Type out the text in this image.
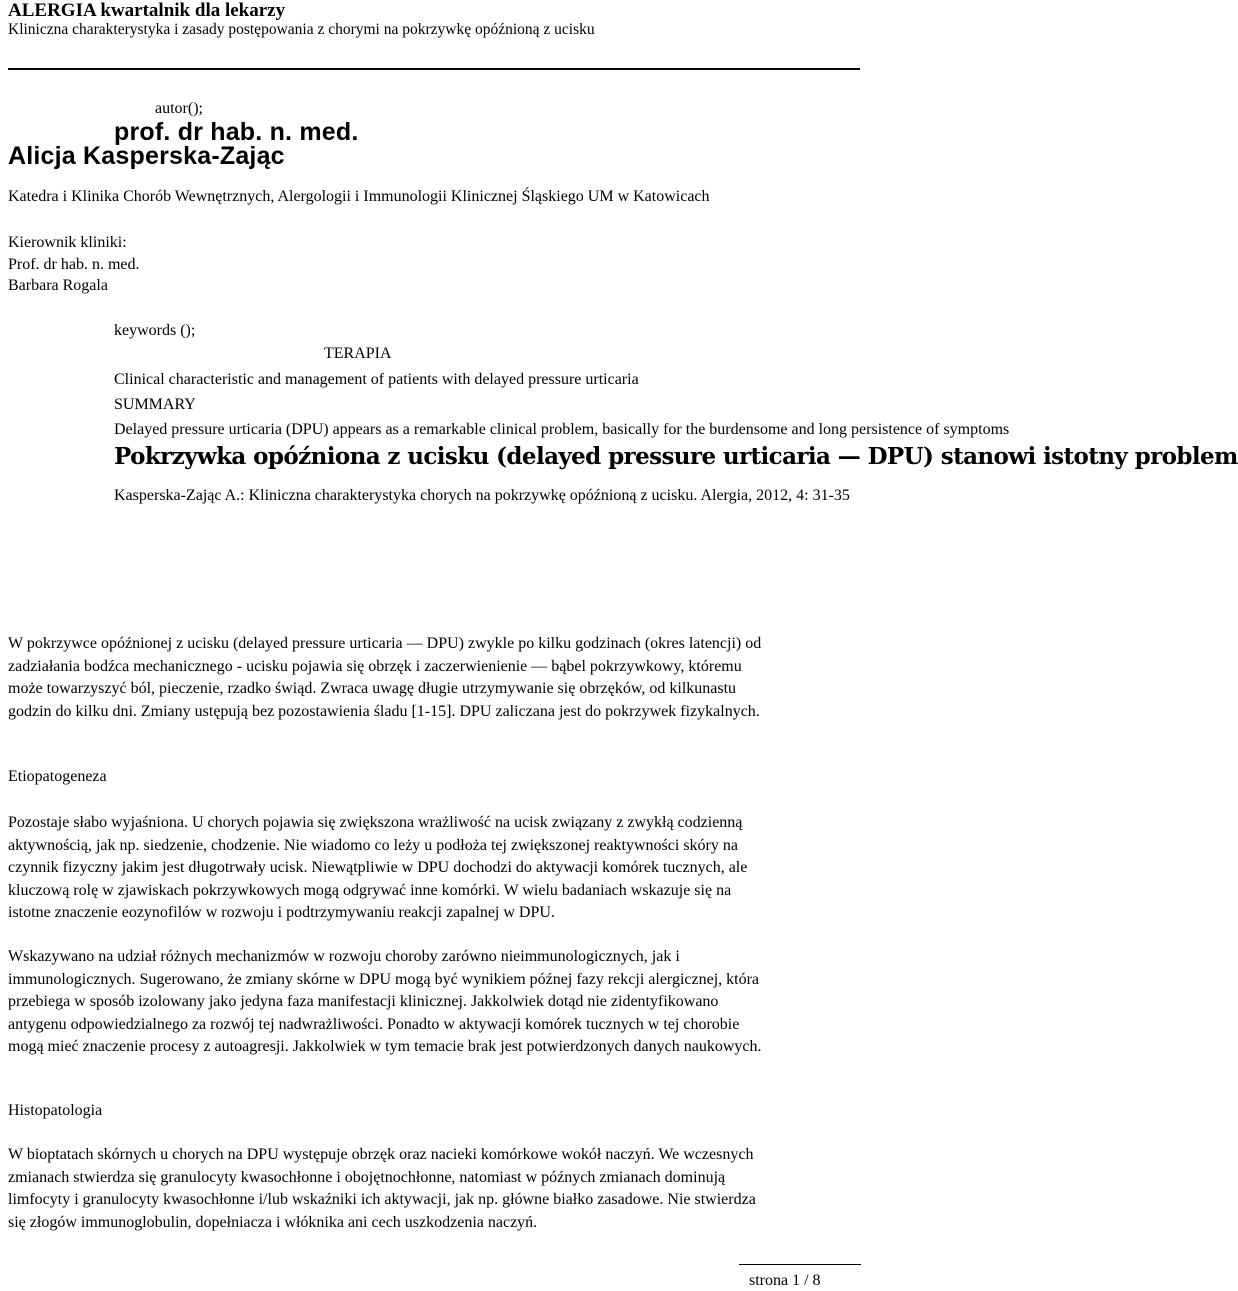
ALERGIA kwartalnik dla lekarzy
Kliniczna charakterystyka i zasady postępowania z chorymi na pokrzywkę opóźnioną z ucisku
autor();
prof. dr hab. n. med.
Alicja Kasperska-Zając
Katedra i Klinika Chorób Wewnętrznych, Alergologii i Immunologii Klinicznej Śląskiego UM w Katowicach
Kierownik kliniki:
Prof. dr hab. n. med.
Barbara Rogala
keywords ();
TERAPIA
Clinical characteristic and management of patients with delayed pressure urticaria
SUMMARY
Delayed pressure urticaria (DPU) appears as a remarkable clinical problem, basically for the burdensome and long persistence of symptoms
Pokrzywka opóźniona z ucisku (delayed pressure urticaria — DPU) stanowi istotny problem
Kasperska-Zając A.: Kliniczna charakterystyka chorych na pokrzywkę opóźnioną z ucisku. Alergia, 2012, 4: 31-35
W pokrzywce opóźnionej z ucisku (delayed pressure urticaria — DPU) zwykle po kilku godzinach (okres latencji) od
zadziałania bodźca mechanicznego - ucisku pojawia się obrzęk i zaczerwienienie — bąbel pokrzywkowy, któremu
może towarzyszyć ból, pieczenie, rzadko świąd. Zwraca uwagę długie utrzymywanie się obrzęków, od kilkunastu
godzin do kilku dni. Zmiany ustępują bez pozostawienia śladu [1-15]. DPU zaliczana jest do pokrzywek fizykalnych.
Etiopatogeneza
Pozostaje słabo wyjaśniona. U chorych pojawia się zwiększona wrażliwość na ucisk związany z zwykłą codzienną
aktywnością, jak np. siedzenie, chodzenie. Nie wiadomo co leży u podłoża tej zwiększonej reaktywności skóry na
czynnik fizyczny jakim jest długotrwały ucisk. Niewątpliwie w DPU dochodzi do aktywacji komórek tucznych, ale
kluczową rolę w zjawiskach pokrzywkowych mogą odgrywać inne komórki. W wielu badaniach wskazuje się na
istotne znaczenie eozynofilów w rozwoju i podtrzymywaniu reakcji zapalnej w DPU.
Wskazywano na udział różnych mechanizmów w rozwoju choroby zarówno nieimmunologicznych, jak i
immunologicznych. Sugerowano, że zmiany skórne w DPU mogą być wynikiem późnej fazy rekcji alergicznej, która
przebiega w sposób izolowany jako jedyna faza manifestacji klinicznej. Jakkolwiek dotąd nie zidentyfikowano
antygenu odpowiedzialnego za rozwój tej nadwrażliwości. Ponadto w aktywacji komórek tucznych w tej chorobie
mogą mieć znaczenie procesy z autoagresji. Jakkolwiek w tym temacie brak jest potwierdzonych danych naukowych.
Histopatologia
W bioptatach skórnych u chorych na DPU występuje obrzęk oraz nacieki komórkowe wokół naczyń. We wczesnych
zmianach stwierdza się granulocyty kwasochłonne i obojętnochłonne, natomiast w późnych zmianach dominują
limfocyty i granulocyty kwasochłonne i/lub wskaźniki ich aktywacji, jak np. główne białko zasadowe. Nie stwierdza
się złogów immunoglobulin, dopełniacza i włóknika ani cech uszkodzenia naczyń.
strona 1 / 8
